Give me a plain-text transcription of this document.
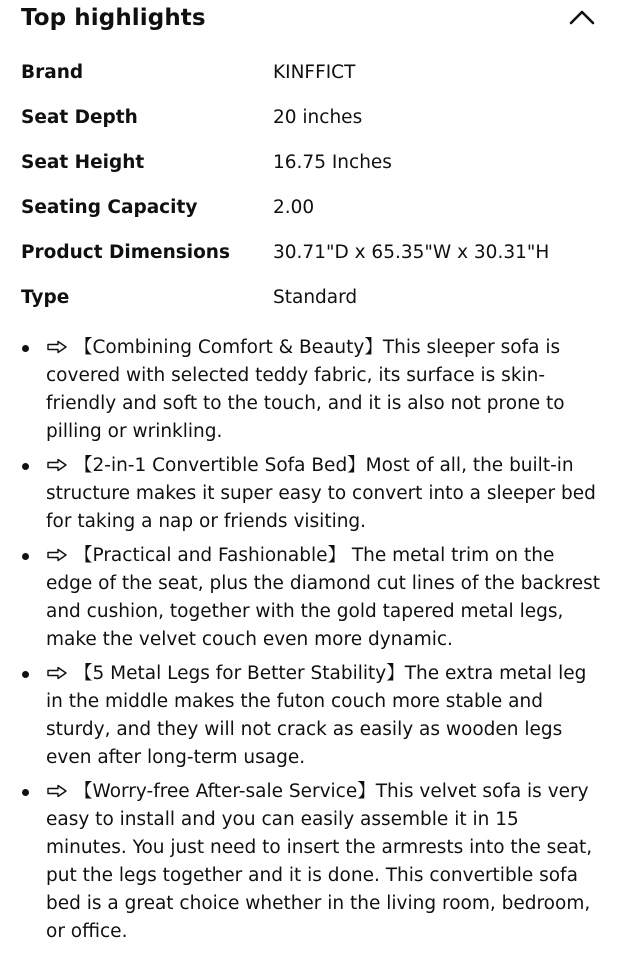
Top highlights
Brand	KINFFICT
Seat Depth	20 inches
Seat Height	16.75 Inches
Seating Capacity	2.00
Product Dimensions 30.71"D x 65.35"W x 30.31"H
Type	Standard
【Combining Comfort & Beauty】This sleeper sofa is covered with selected teddy fabric, its surface is skin-friendly and soft to the touch, and it is also not prone to pilling or wrinkling.
【2-in-1 Convertible Sofa Bed】Most of all, the built-in structure makes it super easy to convert into a sleeper bed for taking a nap or friends visiting.
【Practical and Fashionable】 The metal trim on the edge of the seat, plus the diamond cut lines of the backrest and cushion, together with the gold tapered metal legs, make the velvet couch even more dynamic.
【5 Metal Legs for Better Stability】The extra metal leg in the middle makes the futon couch more stable and sturdy, and they will not crack as easily as wooden legs even after long-term usage.
【Worry-free After-sale Service】This velvet sofa is very easy to install and you can easily assemble it in 15 minutes. You just need to insert the armrests into the seat, put the legs together and it is done. This convertible sofa bed is a great choice whether in the living room, bedroom, or office.
